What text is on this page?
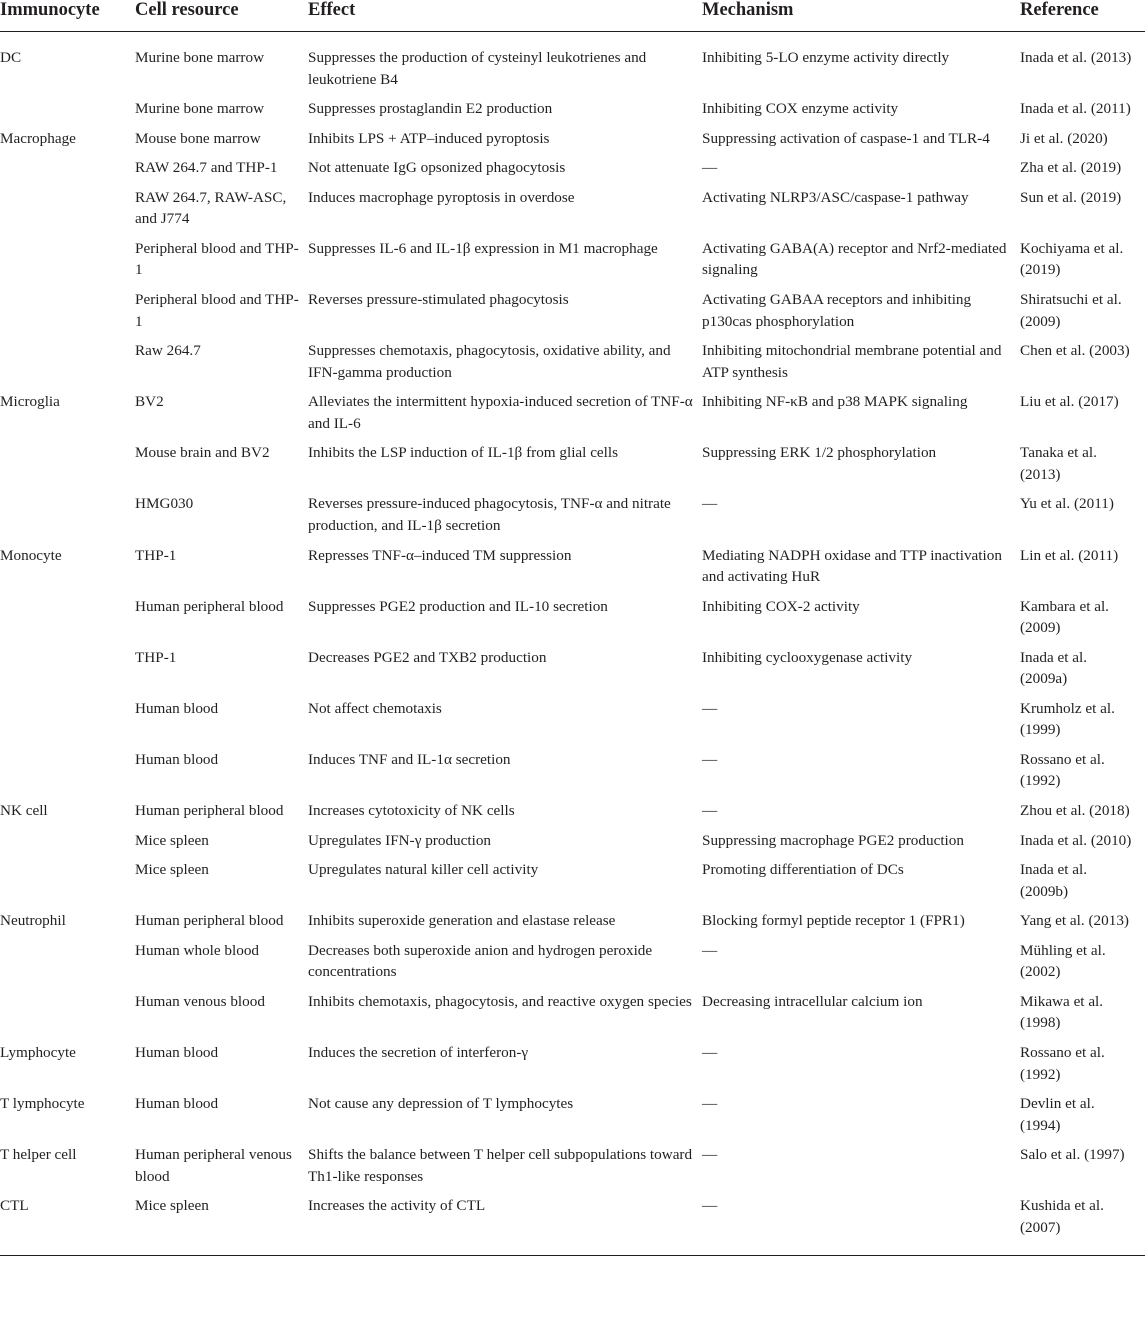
Immunocyte	Cell resource	Effect	Mechanism	Reference
DC	Murine bone marrow	Suppresses the production of cysteinyl leukotrienes and leukotriene B4	Inhibiting 5-LO enzyme activity directly	Inada et al. (2013)
	Murine bone marrow	Suppresses prostaglandin E2 production	Inhibiting COX enzyme activity	Inada et al. (2011)
Macrophage	Mouse bone marrow	Inhibits LPS + ATP–induced pyroptosis	Suppressing activation of caspase-1 and TLR-4	Ji et al. (2020)
	RAW 264.7 and THP-1	Not attenuate IgG opsonized phagocytosis	—	Zha et al. (2019)
	RAW 264.7, RAW-ASC, and J774	Induces macrophage pyroptosis in overdose	Activating NLRP3/ASC/caspase-1 pathway	Sun et al. (2019)
	Peripheral blood and THP-1	Suppresses IL-6 and IL-1β expression in M1 macrophage	Activating GABA(A) receptor and Nrf2-mediated signaling	Kochiyama et al. (2019)
	Peripheral blood and THP-1	Reverses pressure-stimulated phagocytosis	Activating GABAA receptors and inhibiting p130cas phosphorylation	Shiratsuchi et al. (2009)
	Raw 264.7	Suppresses chemotaxis, phagocytosis, oxidative ability, and IFN-gamma production	Inhibiting mitochondrial membrane potential and ATP synthesis	Chen et al. (2003)
Microglia	BV2	Alleviates the intermittent hypoxia-induced secretion of TNF-α and IL-6	Inhibiting NF-κB and p38 MAPK signaling	Liu et al. (2017)
	Mouse brain and BV2	Inhibits the LSP induction of IL-1β from glial cells	Suppressing ERK 1/2 phosphorylation	Tanaka et al. (2013)
	HMG030	Reverses pressure-induced phagocytosis, TNF-α and nitrate production, and IL-1β secretion	—	Yu et al. (2011)
Monocyte	THP-1	Represses TNF-α–induced TM suppression	Mediating NADPH oxidase and TTP inactivation and activating HuR	Lin et al. (2011)
	Human peripheral blood	Suppresses PGE2 production and IL-10 secretion	Inhibiting COX-2 activity	Kambara et al. (2009)
	THP-1	Decreases PGE2 and TXB2 production	Inhibiting cyclooxygenase activity	Inada et al. (2009a)
	Human blood	Not affect chemotaxis	—	Krumholz et al. (1999)
	Human blood	Induces TNF and IL-1α secretion	—	Rossano et al. (1992)
NK cell	Human peripheral blood	Increases cytotoxicity of NK cells	—	Zhou et al. (2018)
	Mice spleen	Upregulates IFN-γ production	Suppressing macrophage PGE2 production	Inada et al. (2010)
	Mice spleen	Upregulates natural killer cell activity	Promoting differentiation of DCs	Inada et al. (2009b)
Neutrophil	Human peripheral blood	Inhibits superoxide generation and elastase release	Blocking formyl peptide receptor 1 (FPR1)	Yang et al. (2013)
	Human whole blood	Decreases both superoxide anion and hydrogen peroxide concentrations	—	Mühling et al. (2002)
	Human venous blood	Inhibits chemotaxis, phagocytosis, and reactive oxygen species	Decreasing intracellular calcium ion	Mikawa et al. (1998)
Lymphocyte	Human blood	Induces the secretion of interferon-γ	—	Rossano et al. (1992)
T lymphocyte	Human blood	Not cause any depression of T lymphocytes	—	Devlin et al. (1994)
T helper cell	Human peripheral venous blood	Shifts the balance between T helper cell subpopulations toward Th1-like responses	—	Salo et al. (1997)
CTL	Mice spleen	Increases the activity of CTL	—	Kushida et al. (2007)
